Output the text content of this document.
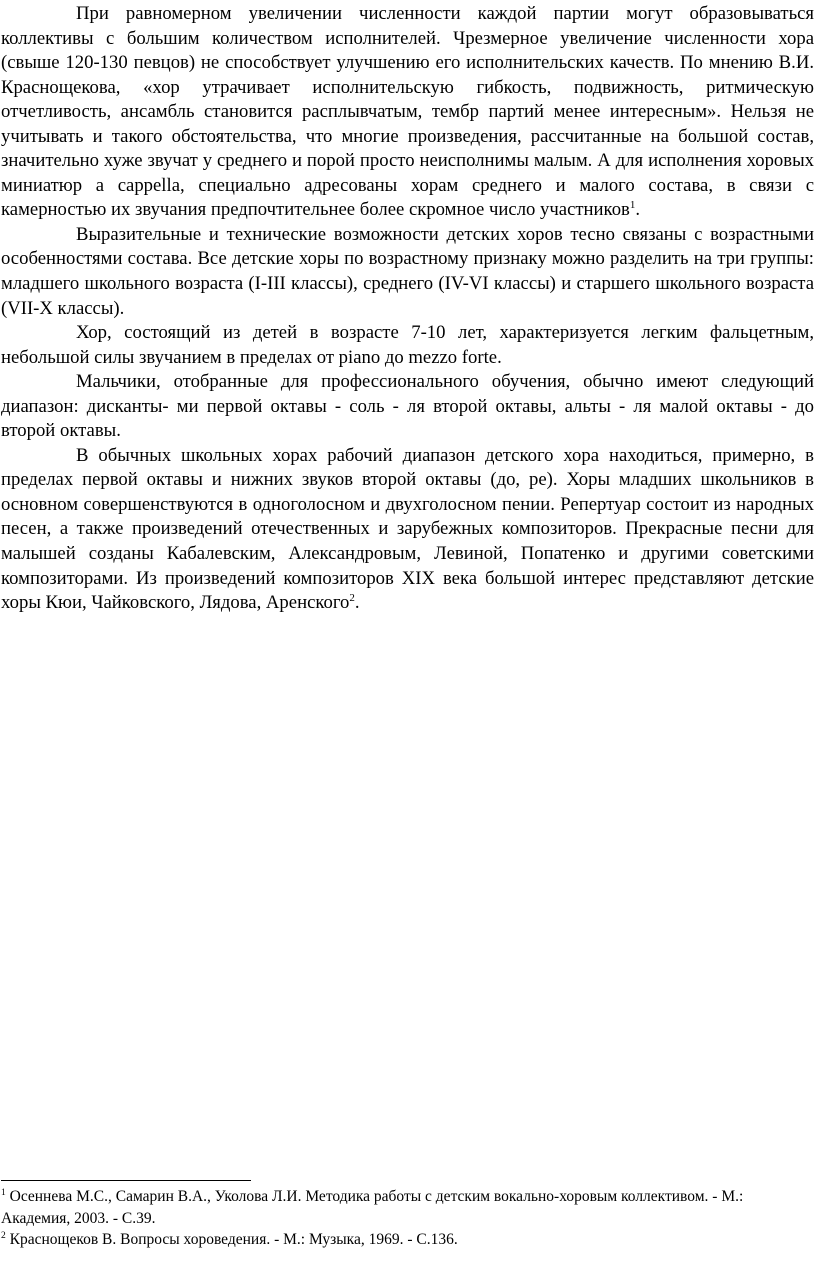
При равномерном увеличении численности каждой партии могут образовываться коллективы с большим количеством исполнителей. Чрезмерное увеличение численности хора (свыше 120-130 певцов) не способствует улучшению его исполнительских качеств. По мнению В.И. Краснощекова, «хор утрачивает исполнительскую гибкость, подвижность, ритмическую отчетливость, ансамбль становится расплывчатым, тембр партий менее интересным». Нельзя не учитывать и такого обстоятельства, что многие произведения, рассчитанные на большой состав, значительно хуже звучат у среднего и порой просто неисполнимы малым. А для исполнения хоровых миниатюр a cappella, специально адресованы хорам среднего и малого состава, в связи с камерностью их звучания предпочтительнее более скромное число участников$^1$.

Выразительные и технические возможности детских хоров тесно связаны с возрастными особенностями состава. Все детские хоры по возрастному признаку можно разделить на три группы: младшего школьного возраста (I-III классы), среднего (IV-VI классы) и старшего школьного возраста (VII-X классы).

Хор, состоящий из детей в возрасте 7-10 лет, характеризуется легким фальцетным, небольшой силы звучанием в пределах от piano до mezzo forte.

Мальчики, отобранные для профессионального обучения, обычно имеют следующий диапазон: дисканты- ми первой октавы - соль - ля второй октавы, альты - ля малой октавы - до второй октавы.

В обычных школьных хорах рабочий диапазон детского хора находиться, примерно, в пределах первой октавы и нижних звуков второй октавы (до, ре). Хоры младших школьников в основном совершенствуются в одноголосном и двухголосном пении. Репертуар состоит из народных песен, а также произведений отечественных и зарубежных композиторов. Прекрасные песни для малышей созданы Кабалевским, Александровым, Левиной, Попатенко и другими советскими композиторами. Из произведений композиторов XIX века большой интерес представляют детские хоры Кюи, Чайковского, Лядова, Аренского$^2$.

$^1$ Осеннева М.С., Самарин В.А., Уколова Л.И. Методика работы с детским вокально-хоровым коллективом. - М.: Академия, 2003. - С.39.

$^2$ Краснощеков В. Вопросы хороведения. - М.: Музыка, 1969. - С.136.
